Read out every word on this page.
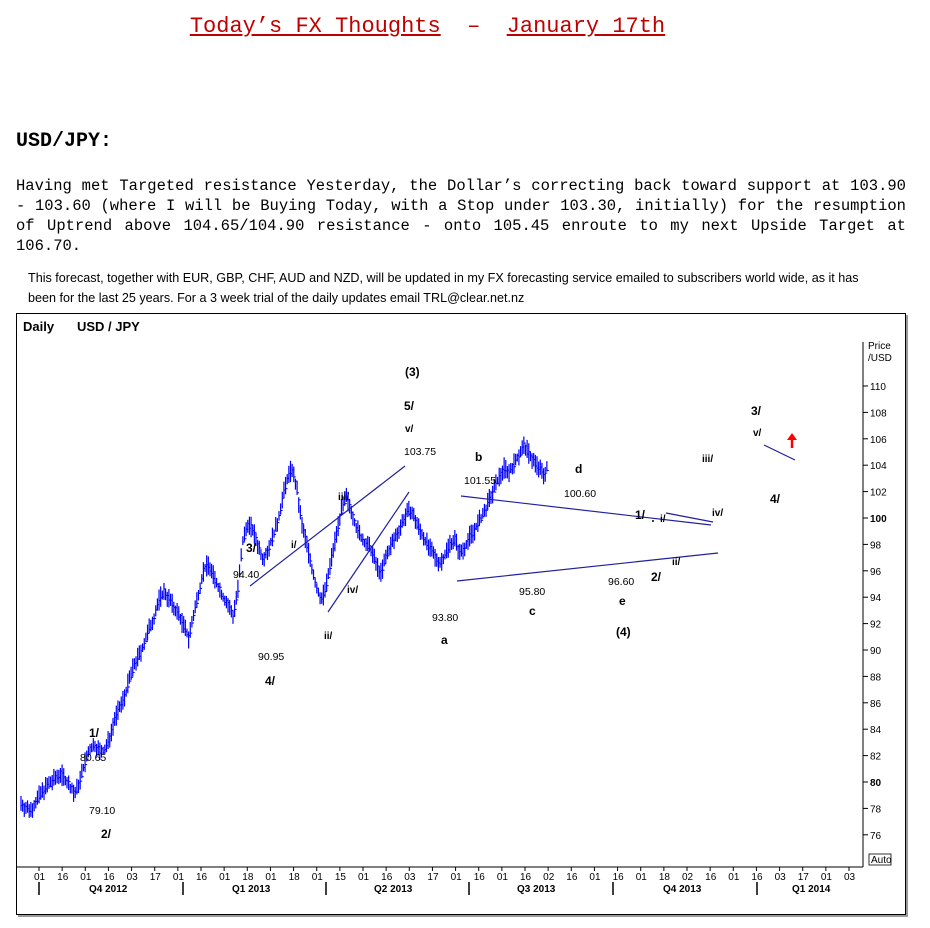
Today’s FX Thoughts – January 17th
USD/JPY:
Having met Targeted resistance Yesterday, the Dollar’s correcting back toward support at 103.90 - 103.60 (where I will be Buying Today, with a Stop under 103.30, initially) for the resumption of Uptrend above 104.65/104.90 resistance - onto 105.45 enroute to my next Upside Target at 106.70.
This forecast, together with EUR, GBP, CHF, AUD and NZD, will be updated in my FX forecasting service emailed to subscribers world wide, as it has been for the last 25 years. For a 3 week trial of the daily updates email TRL@clear.net.nz
Daily USD / JPY
Price
/USD
76
78
80
82
84
86
88
90
92
94
96
98
100
102
104
106
108
110
01 16 01 16 03 17 01 16 01 18 01 18 01 15 01 16 03 17 01 16 01 16 02 16 01 16 01 18 02 16 01 16 03 17 01 03
Q4 2012	Q1 2013	Q2 2013	Q3 2013	Q4 2013	Q1 2014
(3)
5/
v/
103.75
3/
94.40
i/
iii/
iv/
ii/
90.95
4/
1/
80.65
79.10
2/
b
101.55
93.80
a
95.80
c
d
100.60
96.60
e
(4)
1/ i/
2/
ii/
iii/
iv/
3/
v/
4/
Auto
